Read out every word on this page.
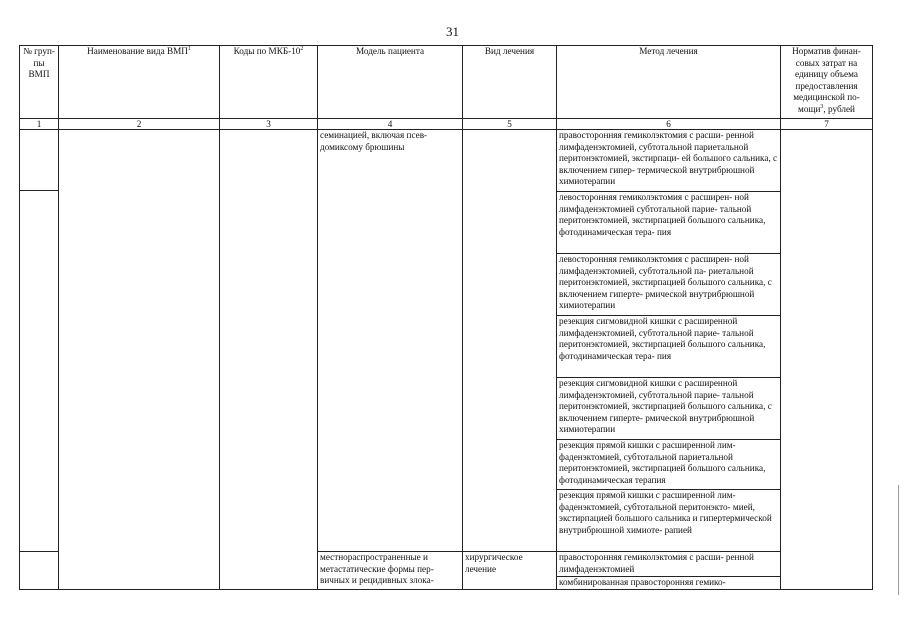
31
№ груп- пы ВМП	Наименование вида ВМП$^1$	Коды по МКБ-$10^2$	Модель пациента	Вид лечения	Метод лечения	Норматив финан- совых затрат на единицу объема предоставления медицинской по- мощи$^3$, рублей
1	2	3	4	5	6	7

			семинацией, включая псев- домиксому брюшины		правосторонняя гемиколэктомия с расши- ренной лимфаденэктомией, субтотальной париетальной перитонэктомией, экстирпаци- ей большого сальника, с включением гипер- термической внутрибрюшной химиотерапии	
					левосторонняя гемиколэктомия с расширен- ной лимфаденэктомией субтотальной парие- тальной перитонэктомией, экстирпацией большого сальника, фотодинамическая тера- пия	
					левосторонняя гемиколэктомия с расширен- ной лимфаденэктомией, субтотальной па- риетальной перитонэктомией, экстирпацией большого сальника, с включением гиперте- рмической внутрибрюшной химиотерапии	
					резекция сигмовидной кишки с расширенной лимфаденэктомией, субтотальной парие- тальной перитонэктомией, экстирпацией большого сальника, фотодинамическая тера- пия	
					резекция сигмовидной кишки с расширенной лимфаденэктомией, субтотальной парие- тальной перитонэктомией, экстирпацией большого сальника, с включением гиперте- рмической внутрибрюшной химиотерапии	
					резекция прямой кишки с расширенной лим- фаденэктомией, субтотальной париетальной перитонэктомией, экстирпацией большого сальника, фотодинамическая терапия	
					резекция прямой кишки с расширенной лим- фаденэктомией, субтотальной перитонэкто- мией, экстирпацией большого сальника и гипертермической внутрибрюшной химиоте- рапией	
			местнораспространенные и метастатические формы пер- вичных и рецидивных злока-	хирургическое лечение	правосторонняя гемиколэктомия с расши- ренной лимфаденэктомией	
					комбинированная правосторонняя гемико-	
